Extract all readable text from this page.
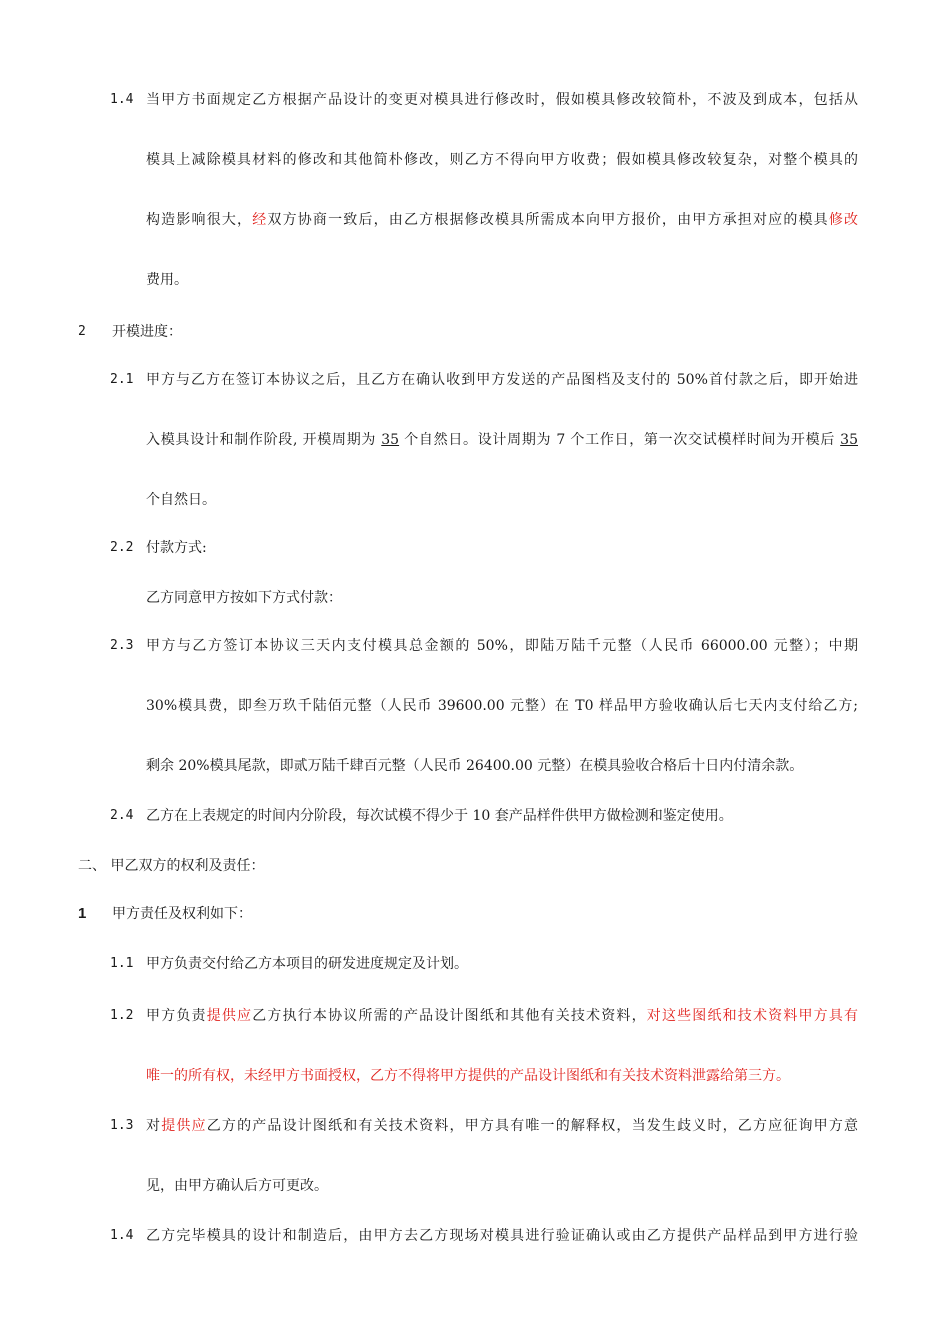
1.4 当甲方书面规定乙方根据产品设计的变更对模具进行修改时，假如模具修改较简朴，不波及到成本，包括从
模具上减除模具材料的修改和其他简朴修改，则乙方不得向甲方收费；假如模具修改较复杂，对整个模具的
构造影响很大，经双方协商一致后，由乙方根据修改模具所需成本向甲方报价，由甲方承担对应的模具修改
费用。
2 开模进度：
2.1 甲方与乙方在签订本协议之后，且乙方在确认收到甲方发送的产品图档及支付的 50%首付款之后，即开始进
入模具设计和制作阶段, 开模周期为 35 个自然日。设计周期为 7 个工作日，第一次交试模样时间为开模后 35
个自然日。
2.2 付款方式:
乙方同意甲方按如下方式付款：
2.3 甲方与乙方签订本协议三天内支付模具总金额的 50%，即陆万陆千元整（人民币 66000.00 元整）；中期
30%模具费，即叁万玖千陆佰元整（人民币 39600.00 元整）在 T0 样品甲方验收确认后七天内支付给乙方;
剩余 20%模具尾款，即贰万陆千肆百元整（人民币 26400.00 元整）在模具验收合格后十日内付清余款。
2.4 乙方在上表规定的时间内分阶段，每次试模不得少于 10 套产品样件供甲方做检测和鉴定使用。
二、 甲乙双方的权利及责任：
1 甲方责任及权利如下：
1.1 甲方负责交付给乙方本项目的研发进度规定及计划。
1.2 甲方负责提供应乙方执行本协议所需的产品设计图纸和其他有关技术资料，对这些图纸和技术资料甲方具有
唯一的所有权，未经甲方书面授权，乙方不得将甲方提供的产品设计图纸和有关技术资料泄露给第三方。
1.3 对提供应乙方的产品设计图纸和有关技术资料，甲方具有唯一的解释权，当发生歧义时，乙方应征询甲方意
见，由甲方确认后方可更改。
1.4 乙方完毕模具的设计和制造后，由甲方去乙方现场对模具进行验证确认或由乙方提供产品样品到甲方进行验
